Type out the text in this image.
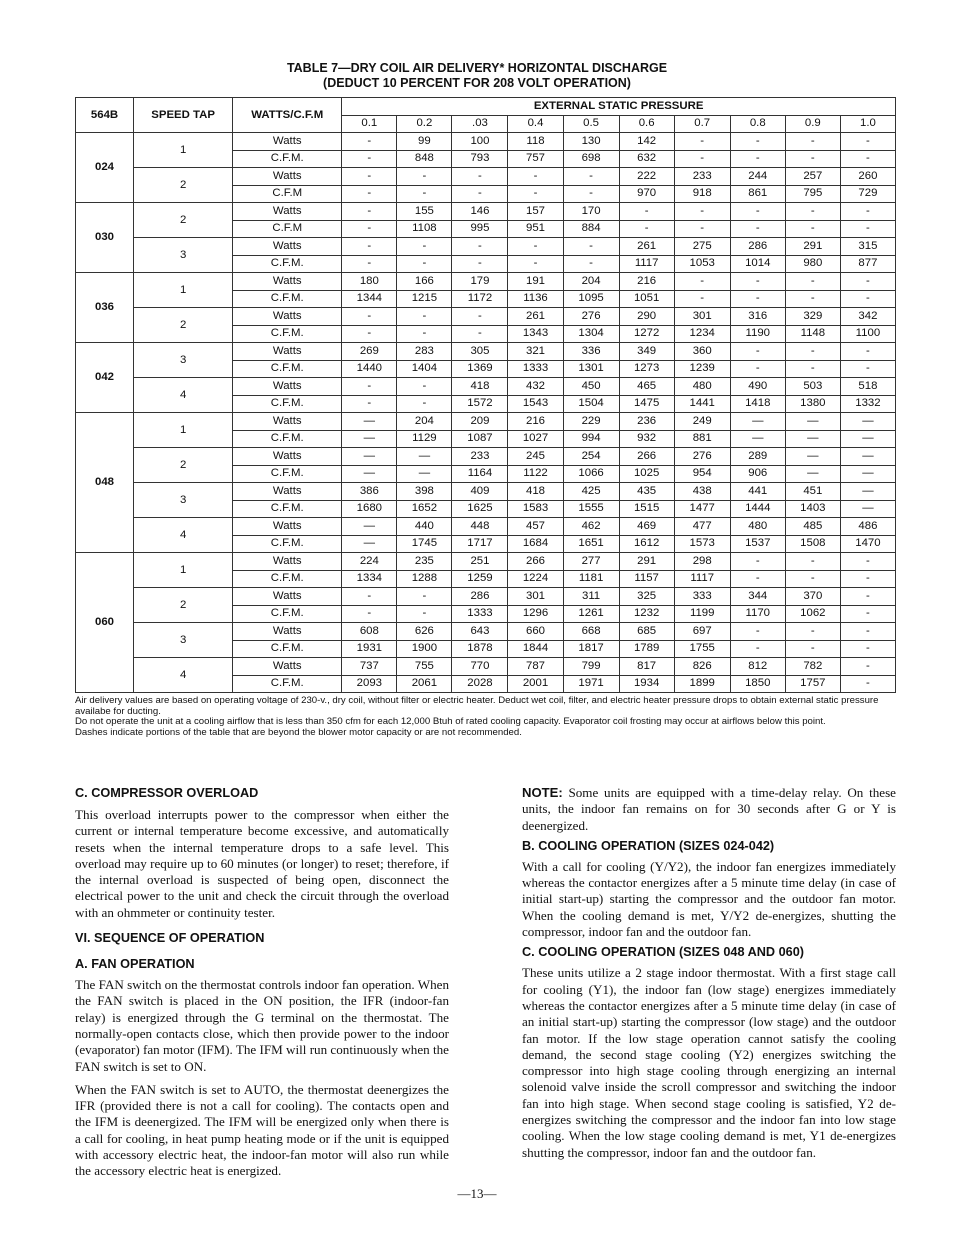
TABLE 7—DRY COIL AIR DELIVERY* HORIZONTAL DISCHARGE
(DEDUCT 10 PERCENT FOR 208 VOLT OPERATION)
564B	SPEED TAP	WATTS/C.F.M	EXTERNAL STATIC PRESSURE									
			0.1	0.2	.03	0.4	0.5	0.6	0.7	0.8	0.9	1.0
024	1	Watts	-	99	100	118	130	142	-	-	-	-
		C.F.M.	-	848	793	757	698	632	-	-	-	-
	2	Watts	-	-	-	-	-	222	233	244	257	260
		C.F.M	-	-	-	-	-	970	918	861	795	729
030	2	Watts	-	155	146	157	170	-	-	-	-	-
		C.F.M	-	1108	995	951	884	-	-	-	-	-
	3	Watts	-	-	-	-	-	261	275	286	291	315
		C.F.M.	-	-	-	-	-	1117	1053	1014	980	877
036	1	Watts	180	166	179	191	204	216	-	-	-	-
		C.F.M.	1344	1215	1172	1136	1095	1051	-	-	-	-
	2	Watts	-	-	-	261	276	290	301	316	329	342
		C.F.M.	-	-	-	1343	1304	1272	1234	1190	1148	1100
042	3	Watts	269	283	305	321	336	349	360	-	-	-
		C.F.M.	1440	1404	1369	1333	1301	1273	1239	-	-	-
	4	Watts	-	-	418	432	450	465	480	490	503	518
		C.F.M.	-	-	1572	1543	1504	1475	1441	1418	1380	1332
048	1	Watts	—	204	209	216	229	236	249	—	—	—
		C.F.M.	—	1129	1087	1027	994	932	881	—	—	—
	2	Watts	—	—	233	245	254	266	276	289	—	—
		C.F.M.	—	—	1164	1122	1066	1025	954	906	—	—
	3	Watts	386	398	409	418	425	435	438	441	451	—
		C.F.M.	1680	1652	1625	1583	1555	1515	1477	1444	1403	—
	4	Watts	—	440	448	457	462	469	477	480	485	486
		C.F.M.	—	1745	1717	1684	1651	1612	1573	1537	1508	1470
060	1	Watts	224	235	251	266	277	291	298	-	-	-
		C.F.M.	1334	1288	1259	1224	1181	1157	1117	-	-	-
	2	Watts	-	-	286	301	311	325	333	344	370	-
		C.F.M.	-	-	1333	1296	1261	1232	1199	1170	1062	-
	3	Watts	608	626	643	660	668	685	697	-	-	-
		C.F.M.	1931	1900	1878	1844	1817	1789	1755	-	-	-
	4	Watts	737	755	770	787	799	817	826	812	782	-
		C.F.M.	2093	2061	2028	2001	1971	1934	1899	1850	1757	-
Air delivery values are based on operating voltage of 230-v., dry coil, without filter or electric heater. Deduct wet coil, filter, and electric heater pressure drops to obtain external static pressure availabe for ducting.
Do not operate the unit at a cooling airflow that is less than 350 cfm for each 12,000 Btuh of rated cooling capacity. Evaporator coil frosting may occur at airflows below this point.
Dashes indicate portions of the table that are beyond the blower motor capacity or are not recommended.
C. COMPRESSOR OVERLOAD

This overload interrupts power to the compressor when either the current or internal temperature become excessive, and automatically resets when the internal temperature drops to a safe level. This overload may require up to 60 minutes (or longer) to reset; therefore, if the internal overload is suspected of being open, disconnect the electrical power to the unit and check the circuit through the overload with an ohmmeter or continuity tester.

VI. SEQUENCE OF OPERATION
A. FAN OPERATION

The FAN switch on the thermostat controls indoor fan operation. When the FAN switch is placed in the ON position, the IFR (indoor-fan relay) is energized through the G terminal on the thermostat. The normally-open contacts close, which then provide power to the indoor (evaporator) fan motor (IFM). The IFM will run continuously when the FAN switch is set to ON.

When the FAN switch is set to AUTO, the thermostat deenergizes the IFR (provided there is not a call for cooling). The contacts open and the IFM is deenergized. The IFM will be energized only when there is a call for cooling, in heat pump heating mode or if the unit is equipped with accessory electric heat, the indoor-fan motor will also run while the accessory electric heat is energized.

NOTE: Some units are equipped with a time-delay relay. On these units, the indoor fan remains on for 30 seconds after G or Y is deenergized.

B. COOLING OPERATION (SIZES 024-042)

With a call for cooling (Y/Y2), the indoor fan energizes immediately whereas the contactor energizes after a 5 minute time delay (in case of initial start-up) starting the compressor and the outdoor fan motor. When the cooling demand is met, Y/Y2 de-energizes, shutting the compressor, indoor fan and the outdoor fan.

C. COOLING OPERATION (SIZES 048 AND 060)

These units utilize a 2 stage indoor thermostat. With a first stage call for cooling (Y1), the indoor fan (low stage) energizes immediately whereas the contactor energizes after a 5 minute time delay (in case of an initial start-up) starting the compressor (low stage) and the outdoor fan motor. If the low stage operation cannot satisfy the cooling demand, the second stage cooling (Y2) energizes switching the compressor into high stage cooling through energizing an internal solenoid valve inside the scroll compressor and switching the indoor fan into high stage. When second stage cooling is satisfied, Y2 de-energizes switching the compressor and the indoor fan into low stage cooling. When the low stage cooling demand is met, Y1 de-energizes shutting the compressor, indoor fan and the outdoor fan.

—13—
